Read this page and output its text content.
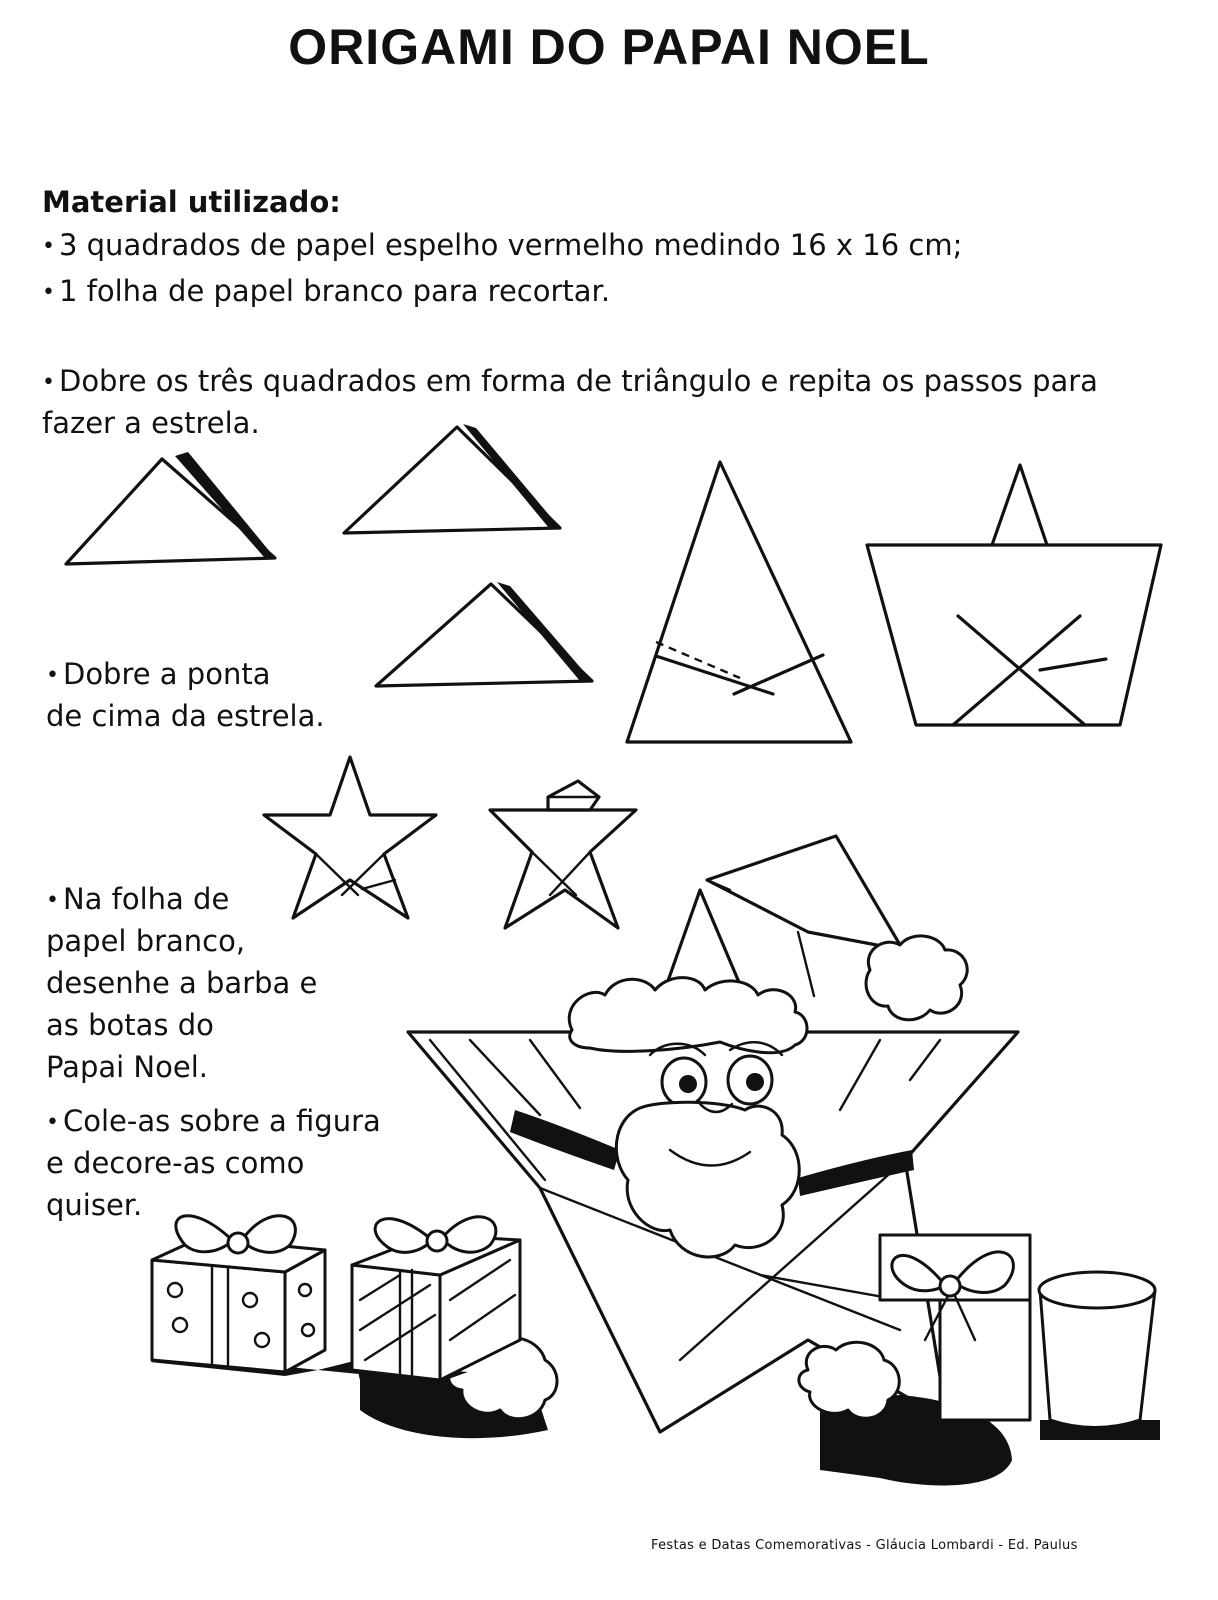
ORIGAMI DO PAPAI NOEL
Material utilizado:

• 3 quadrados de papel espelho vermelho medindo 16 x 16 cm;

• 1 folha de papel branco para recortar.

• Dobre os três quadrados em forma de triângulo e repita os passos para
fazer a estrela.

• Dobre a ponta
de cima da estrela.

• Na folha de
papel branco,
desenhe a barba e
as botas do
Papai Noel.

• Cole-as sobre a figura
e decore-as como
quiser.

Festas e Datas Comemorativas - Gláucia Lombardi - Ed. Paulus
